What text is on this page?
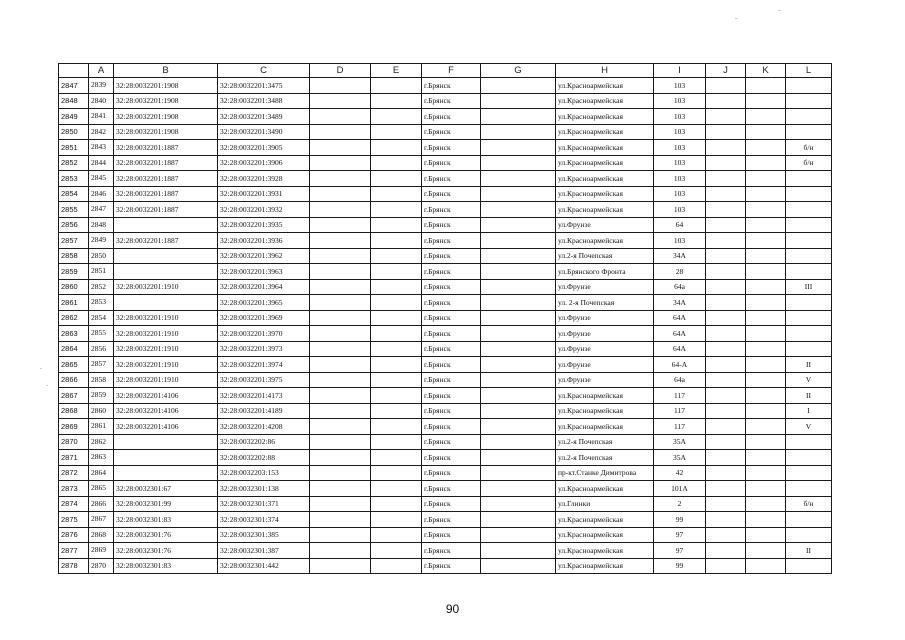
	A	B	C	D	E	F	G	H	I	J	K	L
2847	2839	32:28:0032201:1908	32:28:0032201:3475			г.Брянск		ул.Красноармейская	103			
2848	2840	32:28:0032201:1908	32:28:0032201:3488			г.Брянск		ул.Красноармейская	103			
2849	2841	32:28:0032201:1908	32:28:0032201:3489			г.Брянск		ул.Красноармейская	103			
2850	2842	32:28:0032201:1908	32:28:0032201:3490			г.Брянск		ул.Красноармейская	103			
2851	2843	32:28:0032201:1887	32:28:0032201:3905			г.Брянск		ул.Красноармейская	103			б/н
2852	2844	32:28:0032201:1887	32:28:0032201:3906			г.Брянск		ул.Красноармейская	103			б/н
2853	2845	32:28:0032201:1887	32:28:0032201:3928			г.Брянск		ул.Красноармейская	103			
2854	2846	32:28:0032201:1887	32:28:0032201:3931			г.Брянск		ул.Красноармейская	103			
2855	2847	32:28:0032201:1887	32:28:0032201:3932			г.Брянск		ул.Красноармейская	103			
2856	2848		32:28:0032201:3935			г.Брянск		ул.Фрунзе	64			
2857	2849	32:28:0032201:1887	32:28:0032201:3936			г.Брянск		ул.Красноармейская	103			
2858	2850		32:28:0032201:3962			г.Брянск		ул.2-я Почепская	34А			
2859	2851		32:28:0032201:3963			г.Брянск		ул.Брянского Фронта	28			
2860	2852	32:28:0032201:1910	32:28:0032201:3964			г.Брянск		ул.Фрунзе	64а			III
2861	2853		32:28:0032201:3965			г.Брянск		ул. 2-я Почепская	34А			
2862	2854	32:28:0032201:1910	32:28:0032201:3969			г.Брянск		ул.Фрунзе	64А			
2863	2855	32:28:0032201:1910	32:28:0032201:3970			г.Брянск		ул.Фрунзе	64А			
2864	2856	32:28:0032201:1910	32:28:0032201:3973			г.Брянск		ул.Фрунзе	64А			
2865	2857	32:28:0032201:1910	32:28:0032201:3974			г.Брянск		ул.Фрунзе	64-А			II
2866	2858	32:28:0032201:1910	32:28:0032201:3975			г.Брянск		ул.Фрунзе	64а			V
2867	2859	32:28:0032201:4106	32:28:0032201:4173			г.Брянск		ул.Красноармейская	117			II
2868	2860	32:28:0032201:4106	32:28:0032201:4189			г.Брянск		ул.Красноармейская	117			I
2869	2861	32:28:0032201:4106	32:28:0032201:4208			г.Брянск		ул.Красноармейская	117			V
2870	2862		32:28:0032202:86			г.Брянск		ул.2-я Почепская	35А			
2871	2863		32:28:0032202:88			г.Брянск		ул.2-я Почепская	35А			
2872	2864		32:28:0032203:153			г.Брянск		пр-кт.Станке Димитрова	42			
2873	2865	32:28:0032301:67	32:28:0032301:138			г.Брянск		ул.Красноармейская	101А			
2874	2866	32:28:0032301:99	32:28:0032301:371			г.Брянск		ул.Глинки	2			б/н
2875	2867	32:28:0032301:83	32:28:0032301:374			г.Брянск		ул.Красноармейская	99			
2876	2868	32:28:0032301:76	32:28:0032301:385			г.Брянск		ул.Красноармейская	97			
2877	2869	32:28:0032301:76	32:28:0032301:387			г.Брянск		ул.Красноармейская	97			II
2878	2870	32:28:0032301:83	32:28:0032301:442			г.Брянск		ул.Красноармейская	99			
90
